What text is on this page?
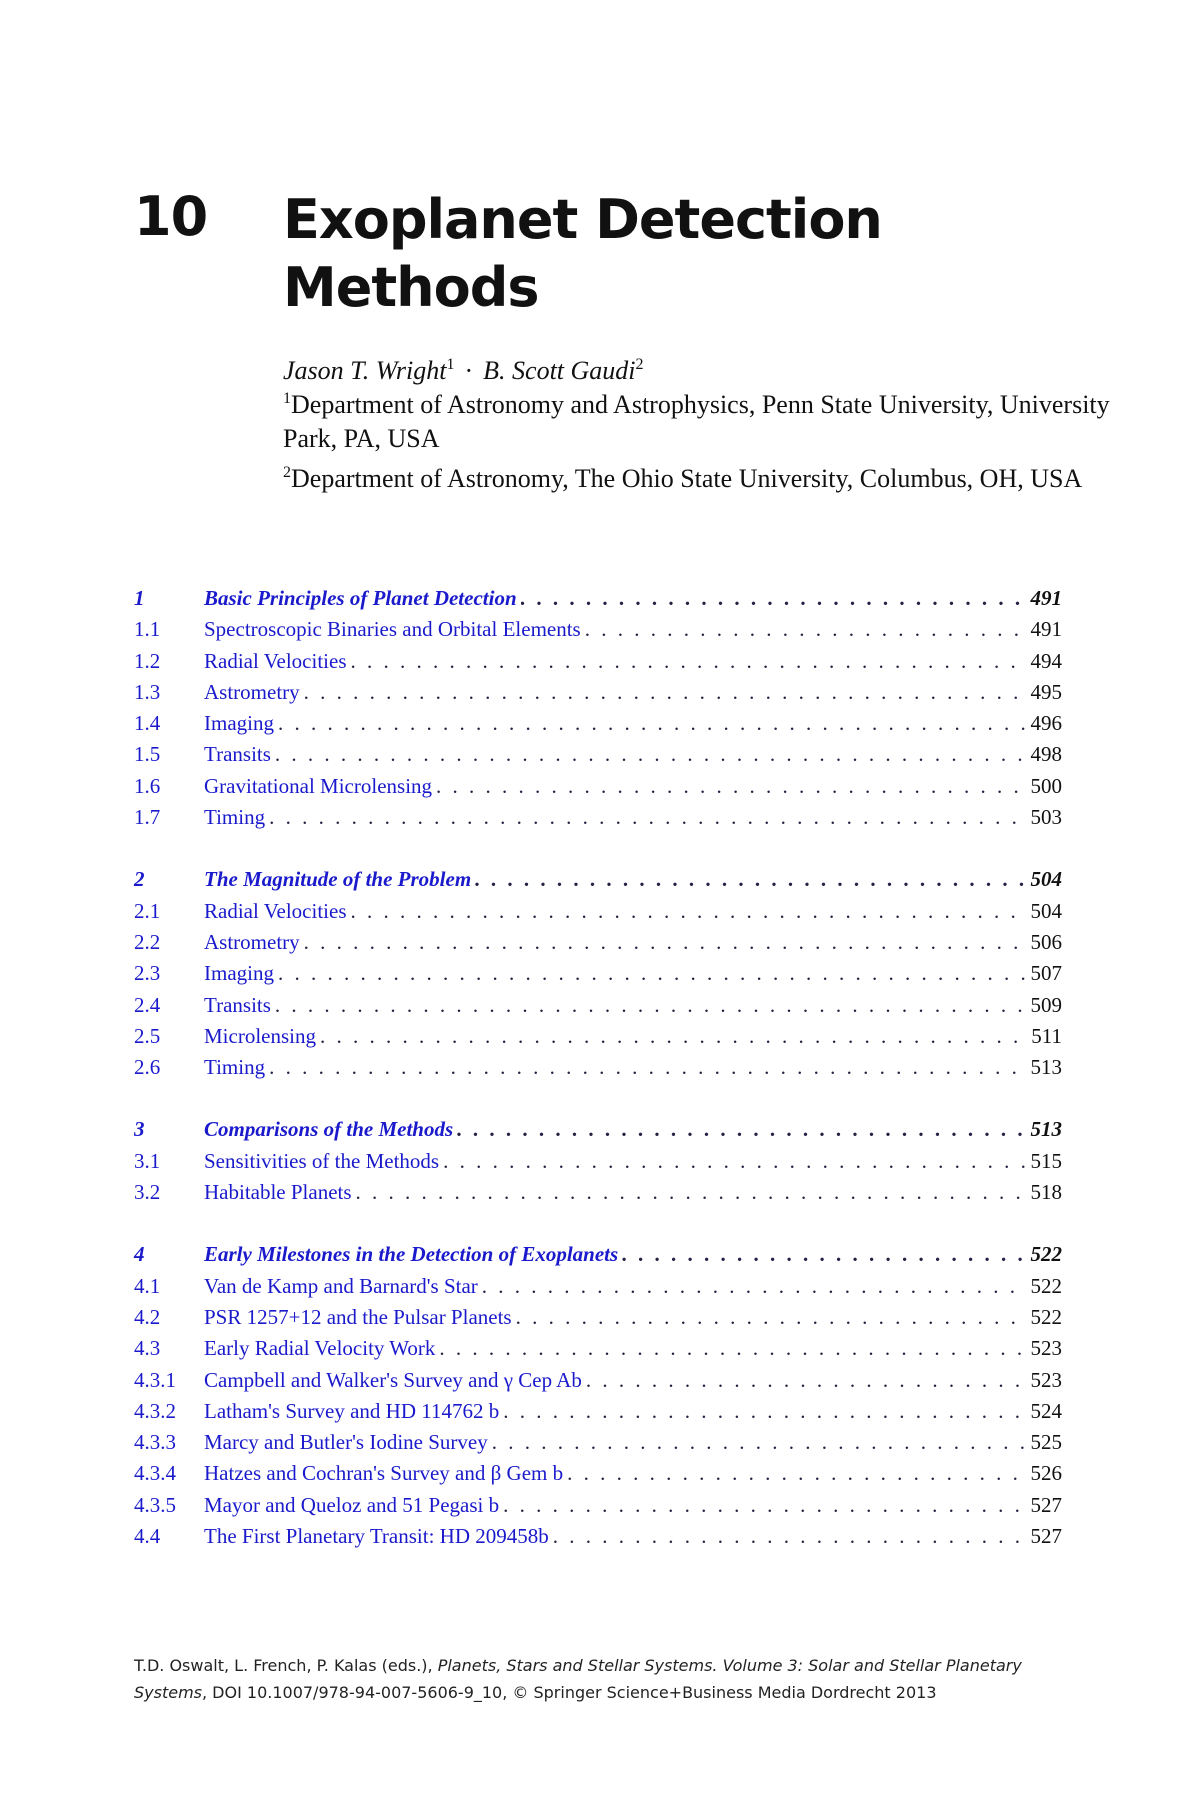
10 Exoplanet Detection
Methods
Jason T. Wright$^1$ · B. Scott Gaudi$^2$

$^1$Department of Astronomy and Astrophysics, Penn State University, University Park, PA, USA

$^2$Department of Astronomy, The Ohio State University, Columbus, OH, USA

1	Basic Principles of Planet Detection . . .	491
1.1	Spectroscopic Binaries and Orbital Elements . . .	491
1.2	Radial Velocities . . .	494
1.3	Astrometry . . .	495
1.4	Imaging . . .	496
1.5	Transits . . .	498
1.6	Gravitational Microlensing . . .	500
1.7	Timing . . .	503
2	The Magnitude of the Problem . . .	504
2.1	Radial Velocities . . .	504
2.2	Astrometry . . .	506
2.3	Imaging . . .	507
2.4	Transits . . .	509
2.5	Microlensing . . .	511
2.6	Timing . . .	513
3	Comparisons of the Methods . . .	513
3.1	Sensitivities of the Methods . . .	515
3.2	Habitable Planets . . .	518
4	Early Milestones in the Detection of Exoplanets . . .	522
4.1	Van de Kamp and Barnard's Star . . .	522
4.2	PSR 1257+12 and the Pulsar Planets . . .	522
4.3	Early Radial Velocity Work . . .	523
4.3.1	Campbell and Walker's Survey and γ Cep Ab . . .	523
4.3.2	Latham's Survey and HD 114762 b . . .	524
4.3.3	Marcy and Butler's Iodine Survey . . .	525
4.3.4	Hatzes and Cochran's Survey and β Gem b . . .	526
4.3.5	Mayor and Queloz and 51 Pegasi b . . .	527
4.4	The First Planetary Transit: HD 209458b . . .	527
T.D. Oswalt, L. French, P. Kalas (eds.), Planets, Stars and Stellar Systems. Volume 3: Solar and Stellar Planetary Systems, DOI 10.1007/978-94-007-5606-9_10, © Springer Science+Business Media Dordrecht 2013
